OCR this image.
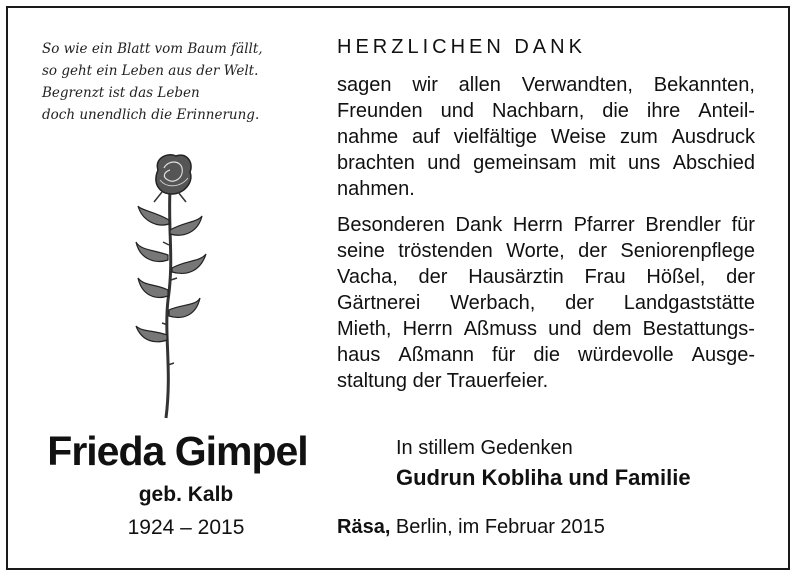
So wie ein Blatt vom Baum fällt,
so geht ein Leben aus der Welt.
Begrenzt ist das Leben
doch unendlich die Erinnerung.
Frieda Gimpel
geb. Kalb
1924 – 2015
HERZLICHEN DANK
sagen wir allen Verwandten, Bekannten,
Freunden und Nachbarn, die ihre Anteil-
nahme auf vielfältige Weise zum Ausdruck
brachten und gemeinsam mit uns Abschied
nahmen.
Besonderen Dank Herrn Pfarrer Brendler für
seine tröstenden Worte, der Seniorenpflege
Vacha, der Hausärztin Frau Hößel, der
Gärtnerei Werbach, der Landgaststätte
Mieth, Herrn Aßmuss und dem Bestattungs-
haus Aßmann für die würdevolle Ausge-
staltung der Trauerfeier.
In stillem Gedenken
Gudrun Kobliha und Familie
Räsa, Berlin, im Februar 2015
